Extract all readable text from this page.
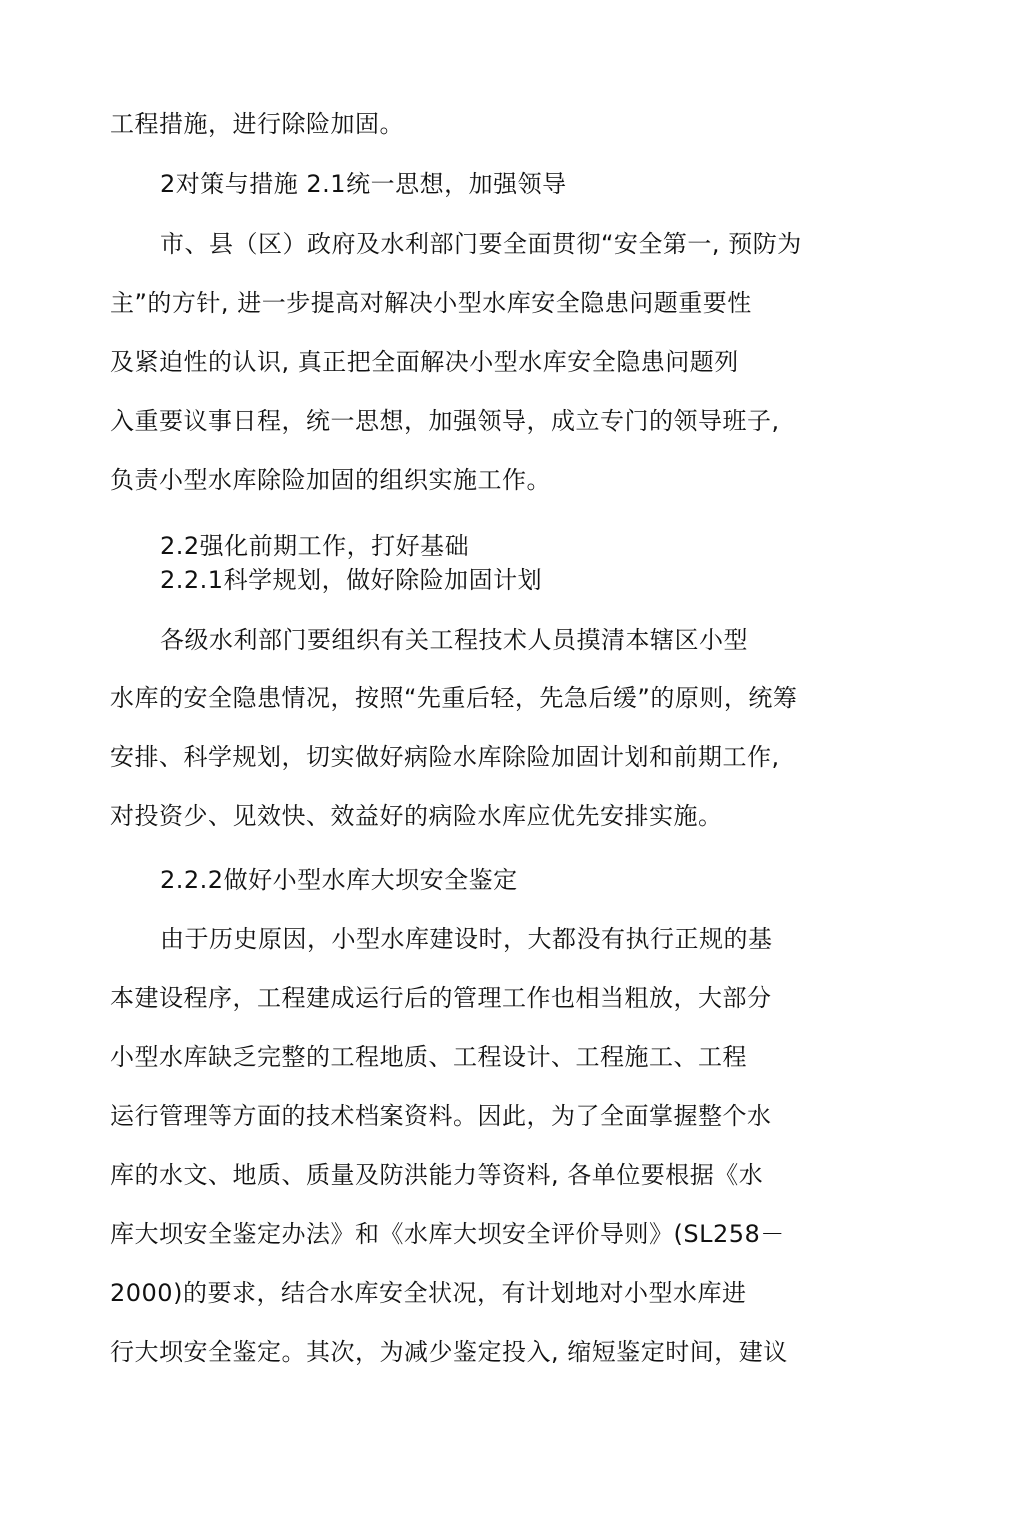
工程措施，进行除险加固。
2对策与措施 2.1统一思想，加强领导
市、县（区）政府及水利部门要全面贯彻“安全第一, 预防为
主”的方针, 进一步提高对解决小型水库安全隐患问题重要性
及紧迫性的认识, 真正把全面解决小型水库安全隐患问题列
入重要议事日程，统一思想，加强领导，成立专门的领导班子,
负责小型水库除险加固的组织实施工作。
2.2强化前期工作，打好基础
2.2.1科学规划，做好除险加固计划
各级水利部门要组织有关工程技术人员摸清本辖区小型
水库的安全隐患情况，按照“先重后轻，先急后缓”的原则，统筹
安排、科学规划，切实做好病险水库除险加固计划和前期工作,
对投资少、见效快、效益好的病险水库应优先安排实施。
2.2.2做好小型水库大坝安全鉴定
由于历史原因，小型水库建设时，大都没有执行正规的基
本建设程序，工程建成运行后的管理工作也相当粗放，大部分
小型水库缺乏完整的工程地质、工程设计、工程施工、工程
运行管理等方面的技术档案资料。因此，为了全面掌握整个水
库的水文、地质、质量及防洪能力等资料, 各单位要根据《水
库大坝安全鉴定办法》和《水库大坝安全评价导则》(SL258－
2000)的要求，结合水库安全状况，有计划地对小型水库进
行大坝安全鉴定。其次，为减少鉴定投入, 缩短鉴定时间，建议
